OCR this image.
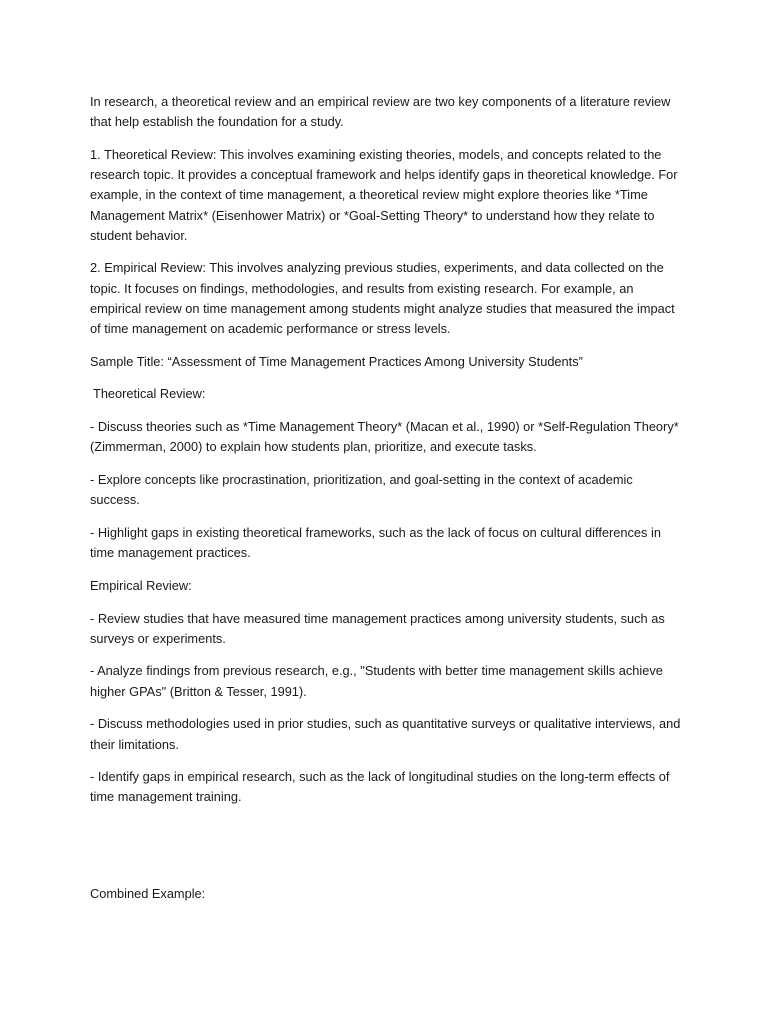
In research, a theoretical review and an empirical review are two key components of a literature review that help establish the foundation for a study.

1. Theoretical Review: This involves examining existing theories, models, and concepts related to the research topic. It provides a conceptual framework and helps identify gaps in theoretical knowledge. For example, in the context of time management, a theoretical review might explore theories like *Time Management Matrix* (Eisenhower Matrix) or *Goal-Setting Theory* to understand how they relate to student behavior.

2. Empirical Review: This involves analyzing previous studies, experiments, and data collected on the topic. It focuses on findings, methodologies, and results from existing research. For example, an empirical review on time management among students might analyze studies that measured the impact of time management on academic performance or stress levels.

Sample Title: “Assessment of Time Management Practices Among University Students”

Theoretical Review:

- Discuss theories such as *Time Management Theory* (Macan et al., 1990) or *Self-Regulation Theory* (Zimmerman, 2000) to explain how students plan, prioritize, and execute tasks.

- Explore concepts like procrastination, prioritization, and goal-setting in the context of academic success.

- Highlight gaps in existing theoretical frameworks, such as the lack of focus on cultural differences in time management practices.

Empirical Review:

- Review studies that have measured time management practices among university students, such as surveys or experiments.

- Analyze findings from previous research, e.g., "Students with better time management skills achieve higher GPAs" (Britton & Tesser, 1991).

- Discuss methodologies used in prior studies, such as quantitative surveys or qualitative interviews, and their limitations.

- Identify gaps in empirical research, such as the lack of longitudinal studies on the long-term effects of time management training.

Combined Example:
